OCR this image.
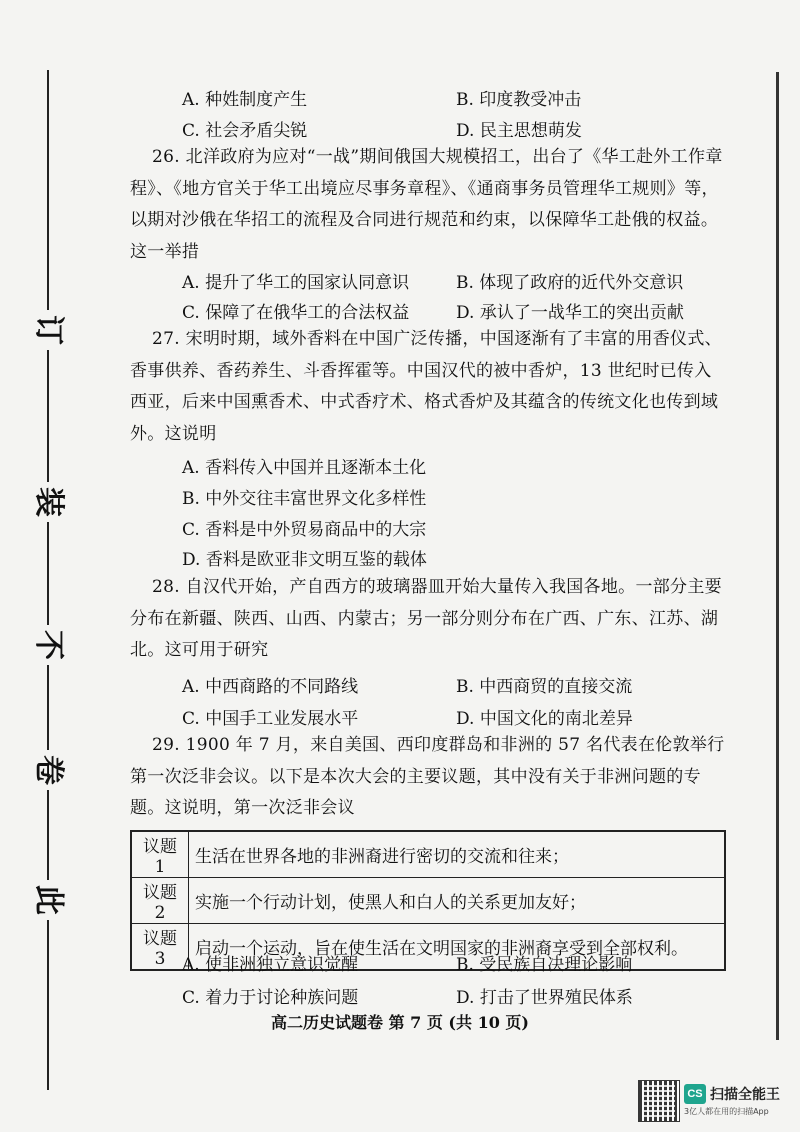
订
装
不
卷
此
A. 种姓制度产生	B. 印度教受冲击
C. 社会矛盾尖锐	D. 民主思想萌发
26. 北洋政府为应对“一战”期间俄国大规模招工，出台了《华工赴外工作章程》、《地方官关于华工出境应尽事务章程》、《通商事务员管理华工规则》等，以期对沙俄在华招工的流程及合同进行规范和约束，以保障华工赴俄的权益。这一举措
A. 提升了华工的国家认同意识	B. 体现了政府的近代外交意识
C. 保障了在俄华工的合法权益	D. 承认了一战华工的突出贡献
27. 宋明时期，域外香料在中国广泛传播，中国逐渐有了丰富的用香仪式、香事供养、香药养生、斗香挥霍等。中国汉代的被中香炉，13 世纪时已传入西亚，后来中国熏香术、中式香疗术、格式香炉及其蕴含的传统文化也传到域外。这说明
A. 香料传入中国并且逐渐本土化
B. 中外交往丰富世界文化多样性
C. 香料是中外贸易商品中的大宗
D. 香料是欧亚非文明互鉴的载体
28. 自汉代开始，产自西方的玻璃器皿开始大量传入我国各地。一部分主要分布在新疆、陕西、山西、内蒙古；另一部分则分布在广西、广东、江苏、湖北。这可用于研究
A. 中西商路的不同路线	B. 中西商贸的直接交流
C. 中国手工业发展水平	D. 中国文化的南北差异
29. 1900 年 7 月，来自美国、西印度群岛和非洲的 57 名代表在伦敦举行第一次泛非会议。以下是本次大会的主要议题，其中没有关于非洲问题的专题。这说明，第一次泛非会议
议题 1	生活在世界各地的非洲裔进行密切的交流和往来；
议题 2	实施一个行动计划，使黑人和白人的关系更加友好；
议题 3	启动一个运动，旨在使生活在文明国家的非洲裔享受到全部权利。
A. 使非洲独立意识觉醒	B. 受民族自决理论影响
C. 着力于讨论种族问题	D. 打击了世界殖民体系
高二历史试题卷 第 7 页 (共 10 页)
CS 扫描全能王
3亿人都在用的扫描App
